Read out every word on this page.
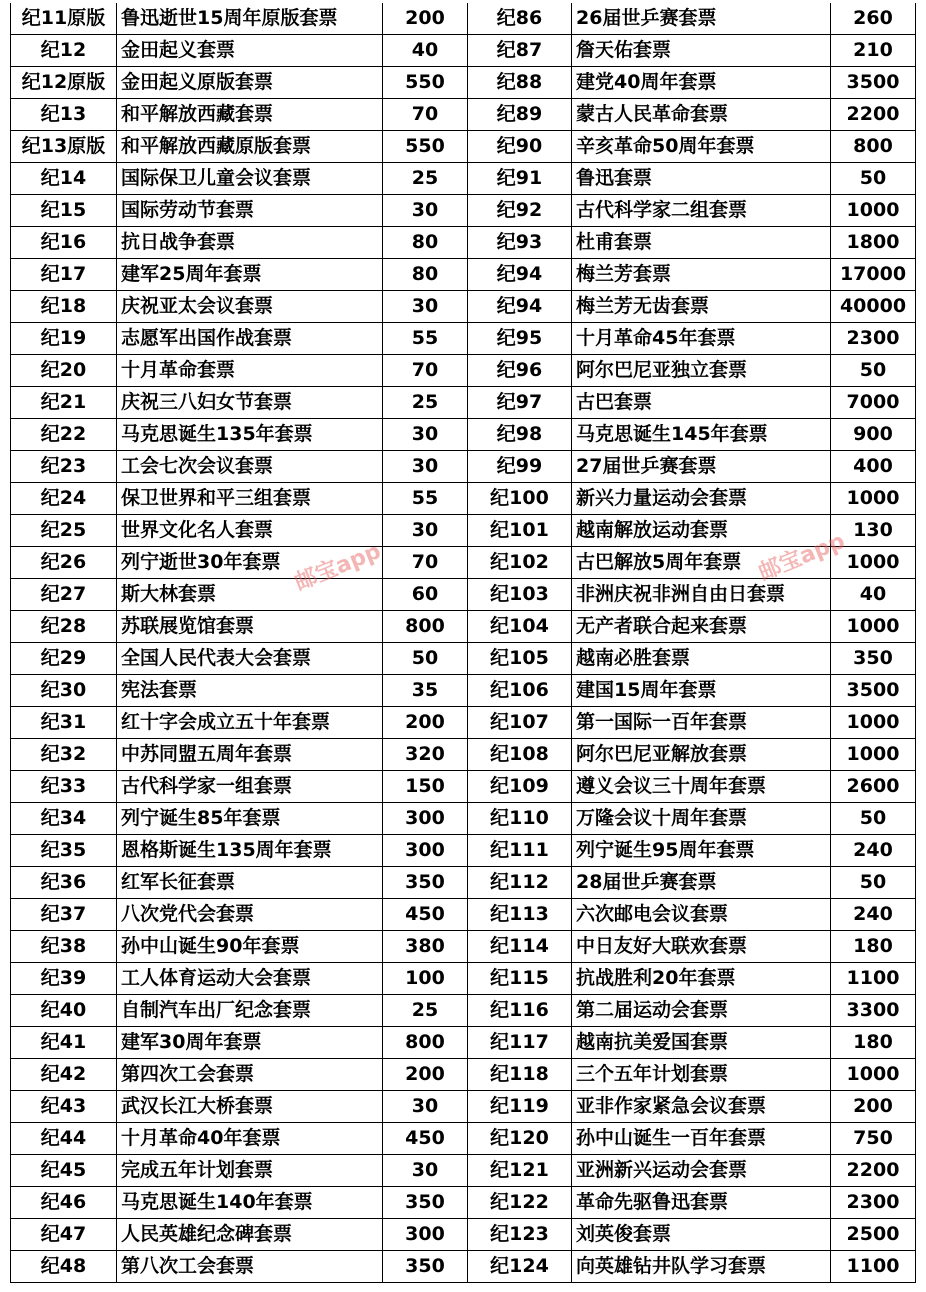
纪11原版	鲁迅逝世15周年原版套票	200	纪86	26届世乒赛套票	260
纪12	金田起义套票	40	纪87	詹天佑套票	210
纪12原版	金田起义原版套票	550	纪88	建党40周年套票	3500
纪13	和平解放西藏套票	70	纪89	蒙古人民革命套票	2200
纪13原版	和平解放西藏原版套票	550	纪90	辛亥革命50周年套票	800
纪14	国际保卫儿童会议套票	25	纪91	鲁迅套票	50
纪15	国际劳动节套票	30	纪92	古代科学家二组套票	1000
纪16	抗日战争套票	80	纪93	杜甫套票	1800
纪17	建军25周年套票	80	纪94	梅兰芳套票	17000
纪18	庆祝亚太会议套票	30	纪94	梅兰芳无齿套票	40000
纪19	志愿军出国作战套票	55	纪95	十月革命45年套票	2300
纪20	十月革命套票	70	纪96	阿尔巴尼亚独立套票	50
纪21	庆祝三八妇女节套票	25	纪97	古巴套票	7000
纪22	马克思诞生135年套票	30	纪98	马克思诞生145年套票	900
纪23	工会七次会议套票	30	纪99	27届世乒赛套票	400
纪24	保卫世界和平三组套票	55	纪100	新兴力量运动会套票	1000
纪25	世界文化名人套票	30	纪101	越南解放运动套票	130
纪26	列宁逝世30年套票	70	纪102	古巴解放5周年套票	1000
纪27	斯大林套票	60	纪103	非洲庆祝非洲自由日套票	40
纪28	苏联展览馆套票	800	纪104	无产者联合起来套票	1000
纪29	全国人民代表大会套票	50	纪105	越南必胜套票	350
纪30	宪法套票	35	纪106	建国15周年套票	3500
纪31	红十字会成立五十年套票	200	纪107	第一国际一百年套票	1000
纪32	中苏同盟五周年套票	320	纪108	阿尔巴尼亚解放套票	1000
纪33	古代科学家一组套票	150	纪109	遵义会议三十周年套票	2600
纪34	列宁诞生85年套票	300	纪110	万隆会议十周年套票	50
纪35	恩格斯诞生135周年套票	300	纪111	列宁诞生95周年套票	240
纪36	红军长征套票	350	纪112	28届世乒赛套票	50
纪37	八次党代会套票	450	纪113	六次邮电会议套票	240
纪38	孙中山诞生90年套票	380	纪114	中日友好大联欢套票	180
纪39	工人体育运动大会套票	100	纪115	抗战胜利20年套票	1100
纪40	自制汽车出厂纪念套票	25	纪116	第二届运动会套票	3300
纪41	建军30周年套票	800	纪117	越南抗美爱国套票	180
纪42	第四次工会套票	200	纪118	三个五年计划套票	1000
纪43	武汉长江大桥套票	30	纪119	亚非作家紧急会议套票	200
纪44	十月革命40年套票	450	纪120	孙中山诞生一百年套票	750
纪45	完成五年计划套票	30	纪121	亚洲新兴运动会套票	2200
纪46	马克思诞生140年套票	350	纪122	革命先驱鲁迅套票	2300
纪47	人民英雄纪念碑套票	300	纪123	刘英俊套票	2500
纪48	第八次工会套票	350	纪124	向英雄钻井队学习套票	1100
邮宝app	邮宝app
